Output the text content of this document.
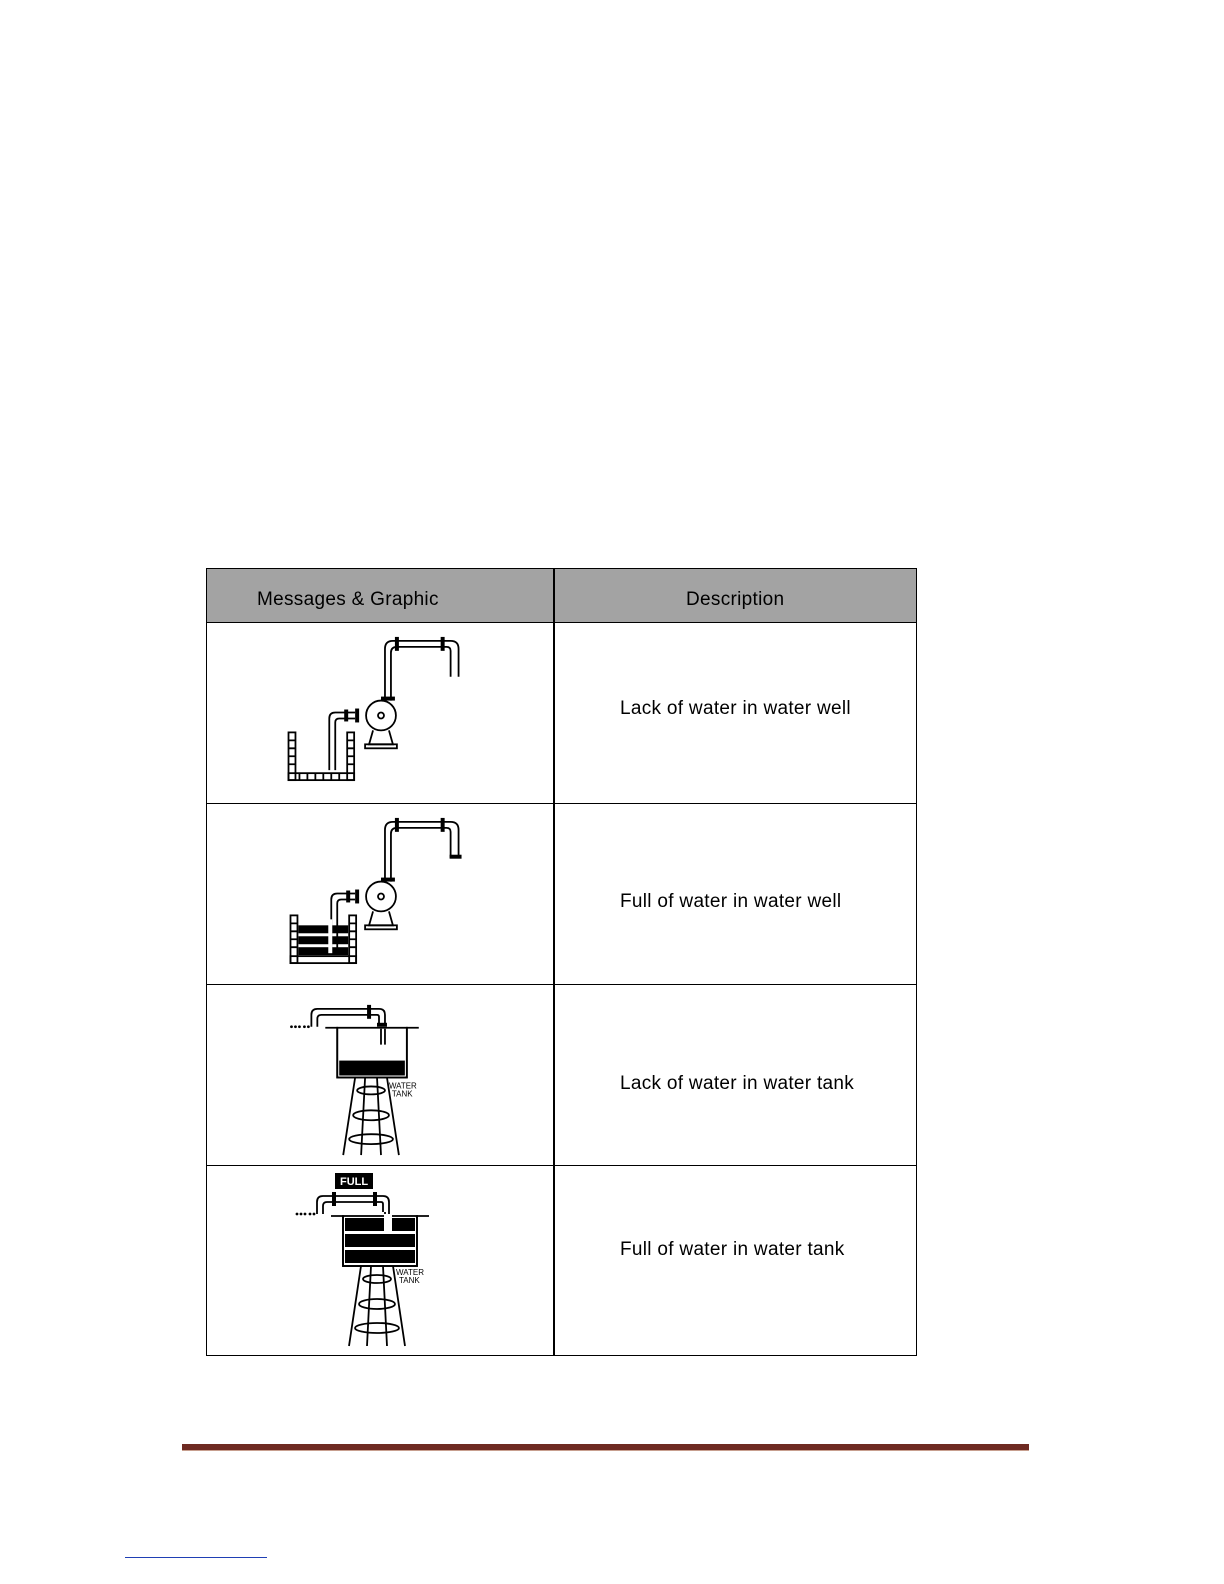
Messages & Graphic	Description
Lack of water in water well
Full of water in water well
WATER
TANK	Lack of water in water tank
FULL
WATER
TANK
Full of water in water tank
